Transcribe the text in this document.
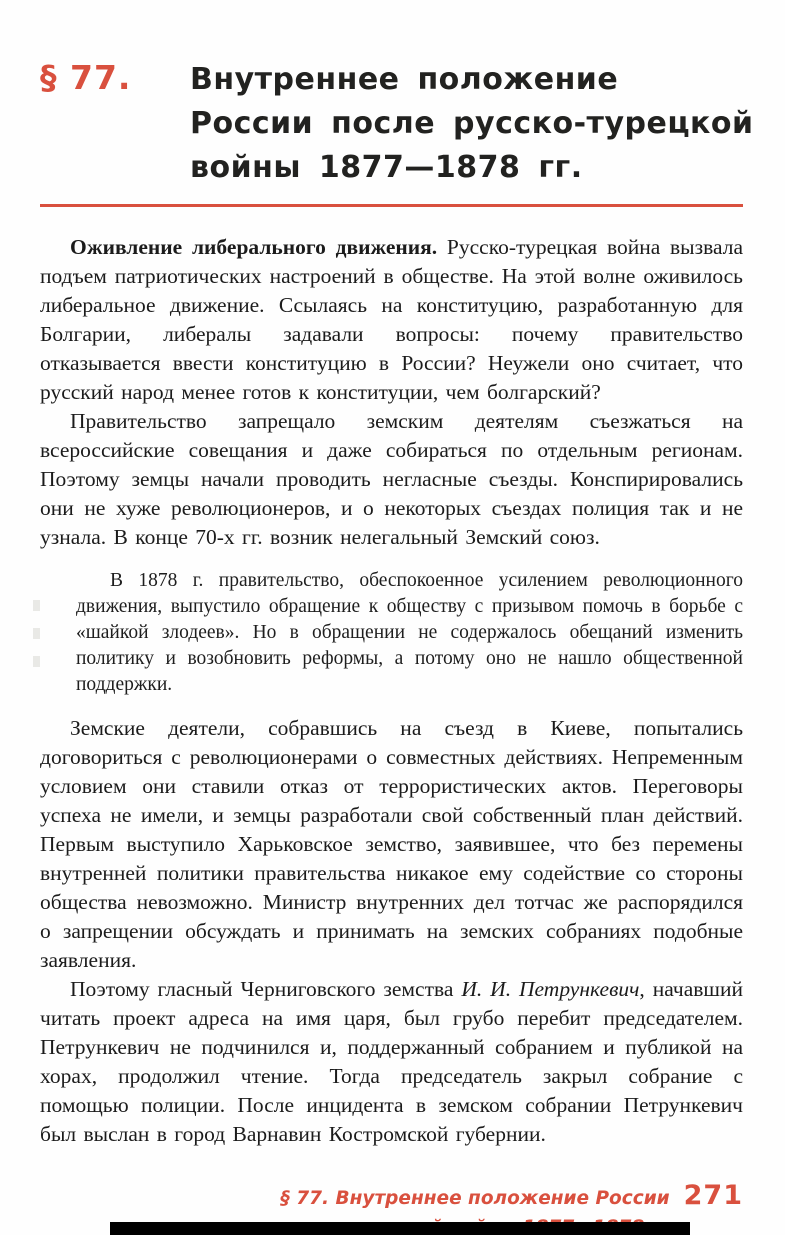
§ 77.	Внутреннее положение
России после русско-турецкой
войны 1877—1878 гг.

Оживление либерального движения. Русско-турецкая война вызвала подъем патриотических настроений в обществе. На этой волне оживилось либеральное движение. Ссылаясь на конституцию, разработанную для Болгарии, либералы задавали вопросы: почему правительство отказывается ввести конституцию в России? Неужели оно считает, что русский народ менее готов к конституции, чем болгарский?

Правительство запрещало земским деятелям съезжаться на всероссийские совещания и даже собираться по отдельным регионам. Поэтому земцы начали проводить негласные съезды. Конспирировались они не хуже революционеров, и о некоторых съездах полиция так и не узнала. В конце 70-х гг. возник нелегальный Земский союз.

В 1878 г. правительство, обеспокоенное усилением революционного движения, выпустило обращение к обществу с призывом помочь в борьбе с «шайкой злодеев». Но в обращении не содержалось обещаний изменить политику и возобновить реформы, а потому оно не нашло общественной поддержки.

Земские деятели, собравшись на съезд в Киеве, попытались договориться с революционерами о совместных действиях. Непременным условием они ставили отказ от террористических актов. Переговоры успеха не имели, и земцы разработали свой собственный план действий. Первым выступило Харьковское земство, заявившее, что без перемены внутренней политики правительства никакое ему содействие со стороны общества невозможно. Министр внутренних дел тотчас же распорядился о запрещении обсуждать и принимать на земских собраниях подобные заявления.

Поэтому гласный Черниговского земства И. И. Петрункевич, начавший читать проект адреса на имя царя, был грубо перебит председателем. Петрункевич не подчинился и, поддержанный собранием и публикой на хорах, продолжил чтение. Тогда председатель закрыл собрание с помощью полиции. После инцидента в земском собрании Петрункевич был выслан в город Варнавин Костромской губернии.

§ 77. Внутреннее положение России 271
